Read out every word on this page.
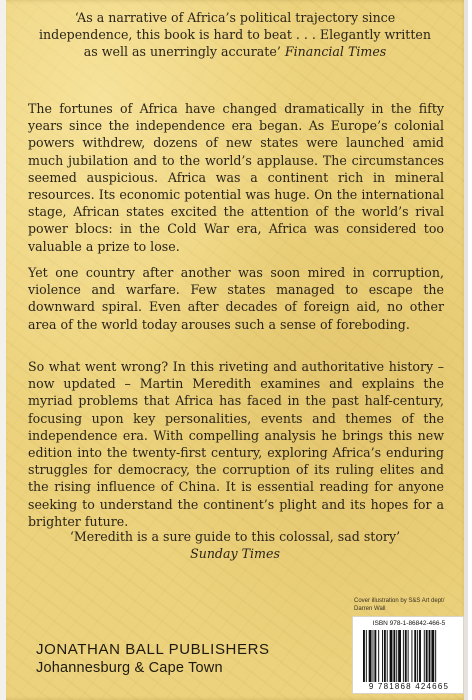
‘As a narrative of Africa’s political trajectory since
independence, this book is hard to beat . . . Elegantly written
as well as unerringly accurate’ Financial Times

The fortunes of Africa have changed dramatically in the fifty years since the independence era began. As Europe’s colonial powers withdrew, dozens of new states were launched amid much jubilation and to the world’s applause. The circumstances seemed auspicious. Africa was a continent rich in mineral resources. Its economic potential was huge. On the international stage, African states excited the attention of the world’s rival power blocs: in the Cold War era, Africa was considered too valuable a prize to lose.

Yet one country after another was soon mired in corruption, violence and warfare. Few states managed to escape the downward spiral. Even after decades of foreign aid, no other area of the world today arouses such a sense of foreboding.

So what went wrong? In this riveting and authoritative history – now updated – Martin Meredith examines and explains the myriad problems that Africa has faced in the past half-century, focusing upon key personalities, events and themes of the independence era. With compelling analysis he brings this new edition into the twenty-first century, exploring Africa’s enduring struggles for democracy, the corruption of its ruling elites and the rising influence of China. It is essential reading for anyone seeking to understand the continent’s plight and its hopes for a brighter future.

‘Meredith is a sure guide to this colossal, sad story’
Sunday Times
Cover illustration by S&S Art dept/
Darren Wall
JONATHAN BALL PUBLISHERS
Johannesburg & Cape Town
ISBN 978-1-86842-466-5
9 781868 424665
